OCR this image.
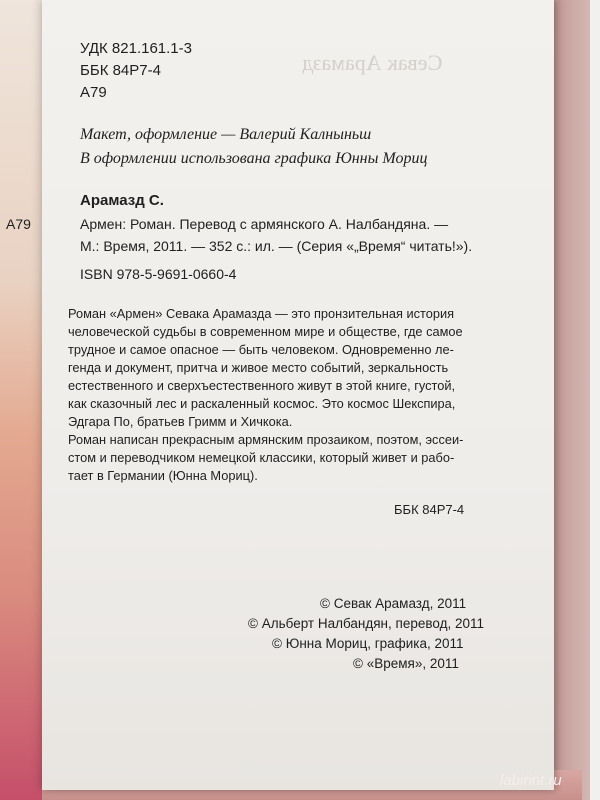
Севак Арамазд
УДК 821.161.1-3
ББК 84Р7-4
А79
Макет, оформление — Валерий Калныньш
В оформлении использована графика Юнны Мориц
Арамазд С.
Армен: Роман. Перевод с армянского А. Налбандяна. —
М.: Время, 2011. — 352 с.: ил. — (Серия «„Время“ читать!»).
ISBN 978-5-9691-0660-4
Роман «Армен» Севака Арамазда — это пронзительная история
человеческой судьбы в современном мире и обществе, где самое
трудное и самое опасное — быть человеком. Одновременно ле-
генда и документ, притча и живое место событий, зеркальность
естественного и сверхъестественного живут в этой книге, густой,
как сказочный лес и раскаленный космос. Это космос Шекспира,
Эдгара По, братьев Гримм и Хичкока.
Роман написан прекрасным армянским прозаиком, поэтом, эссеи-
стом и переводчиком немецкой классики, который живет и рабо-
тает в Германии (Юнна Мориц).
ББК 84Р7-4
© Севак Арамазд, 2011
© Альберт Налбандян, перевод, 2011
© Юнна Мориц, графика, 2011
© «Время», 2011
А79
labirint.ru
